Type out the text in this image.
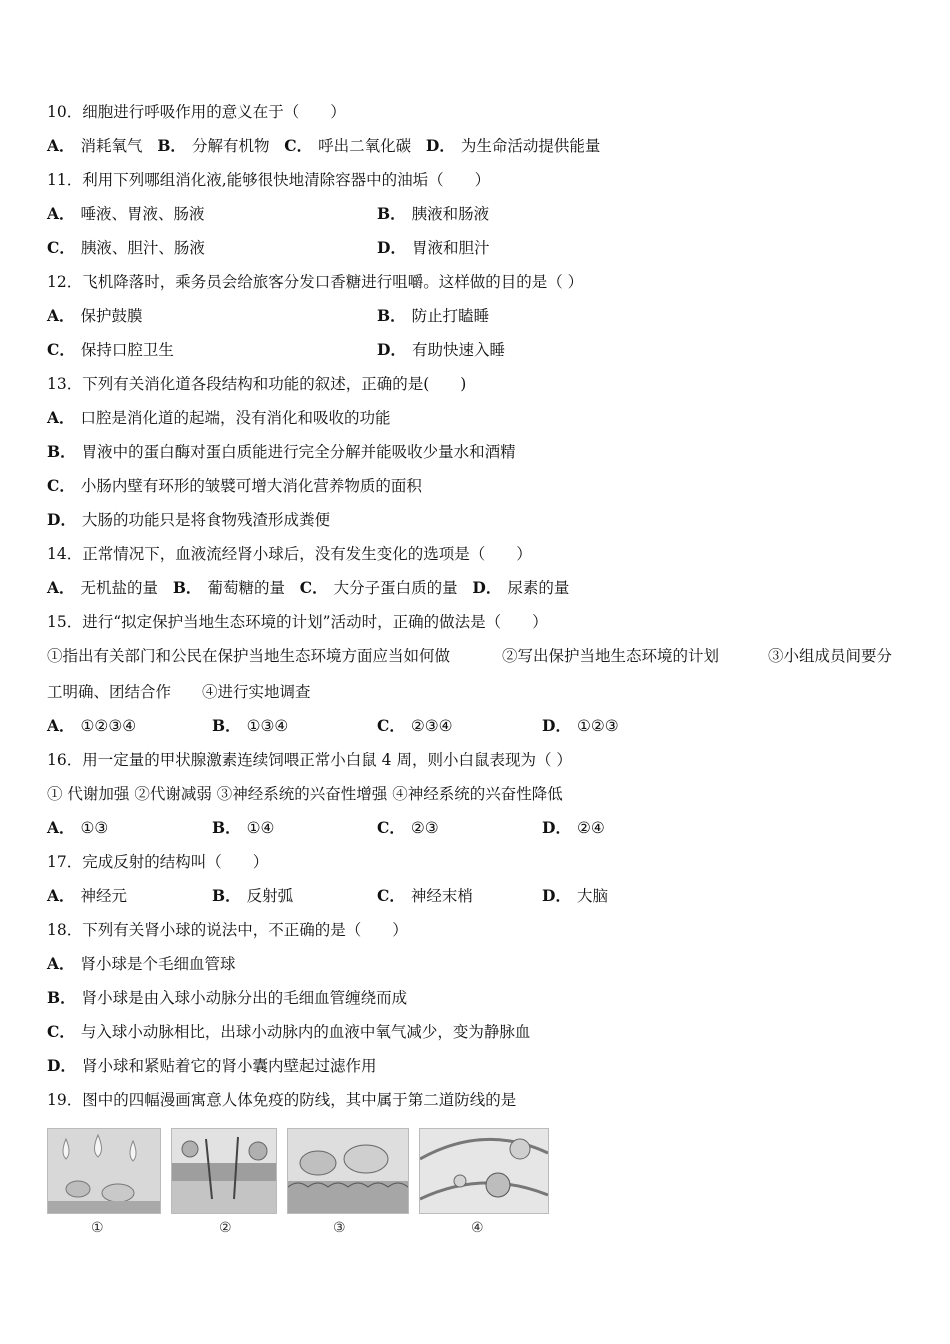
10．细胞进行呼吸作用的意义在于（　　）
A． 消耗氧气 B． 分解有机物 C． 呼出二氧化碳 D． 为生命活动提供能量
11．利用下列哪组消化液,能够很快地清除容器中的油垢（　　）
A． 唾液、胃液、肠液	B． 胰液和肠液
C． 胰液、胆汁、肠液	D． 胃液和胆汁
12．飞机降落时，乘务员会给旅客分发口香糖进行咀嚼。这样做的目的是（ ）
A． 保护鼓膜	B． 防止打瞌睡
C． 保持口腔卫生	D． 有助快速入睡
13．下列有关消化道各段结构和功能的叙述，正确的是(　　)
A． 口腔是消化道的起端，没有消化和吸收的功能
B． 胃液中的蛋白酶对蛋白质能进行完全分解并能吸收少量水和酒精
C． 小肠内壁有环形的皱襞可增大消化营养物质的面积
D． 大肠的功能只是将食物残渣形成粪便
14．正常情况下，血液流经肾小球后，没有发生变化的选项是（　　）
A． 无机盐的量 B． 葡萄糖的量 C． 大分子蛋白质的量 D． 尿素的量
15．进行“拟定保护当地生态环境的计划”活动时，正确的做法是（　　）
①指出有关部门和公民在保护当地生态环境方面应当如何做	②写出保护当地生态环境的计划	③小组成员间要分
工明确、团结合作　　④进行实地调查
A． ①②③④	B． ①③④	C． ②③④	D． ①②③
16．用一定量的甲状腺激素连续饲喂正常小白鼠 4 周，则小白鼠表现为（ ）
① 代谢加强 ②代谢减弱 ③神经系统的兴奋性增强 ④神经系统的兴奋性降低
A． ①③	B． ①④	C． ②③	D． ②④
17．完成反射的结构叫（　　）
A． 神经元	B． 反射弧	C． 神经末梢	D． 大脑
18．下列有关肾小球的说法中，不正确的是（　　）
A． 肾小球是个毛细血管球
B． 肾小球是由入球小动脉分出的毛细血管缠绕而成
C． 与入球小动脉相比，出球小动脉内的血液中氧气减少，变为静脉血
D． 肾小球和紧贴着它的肾小囊内壁起过滤作用
19．图中的四幅漫画寓意人体免疫的防线，其中属于第二道防线的是
①	②	③	④
